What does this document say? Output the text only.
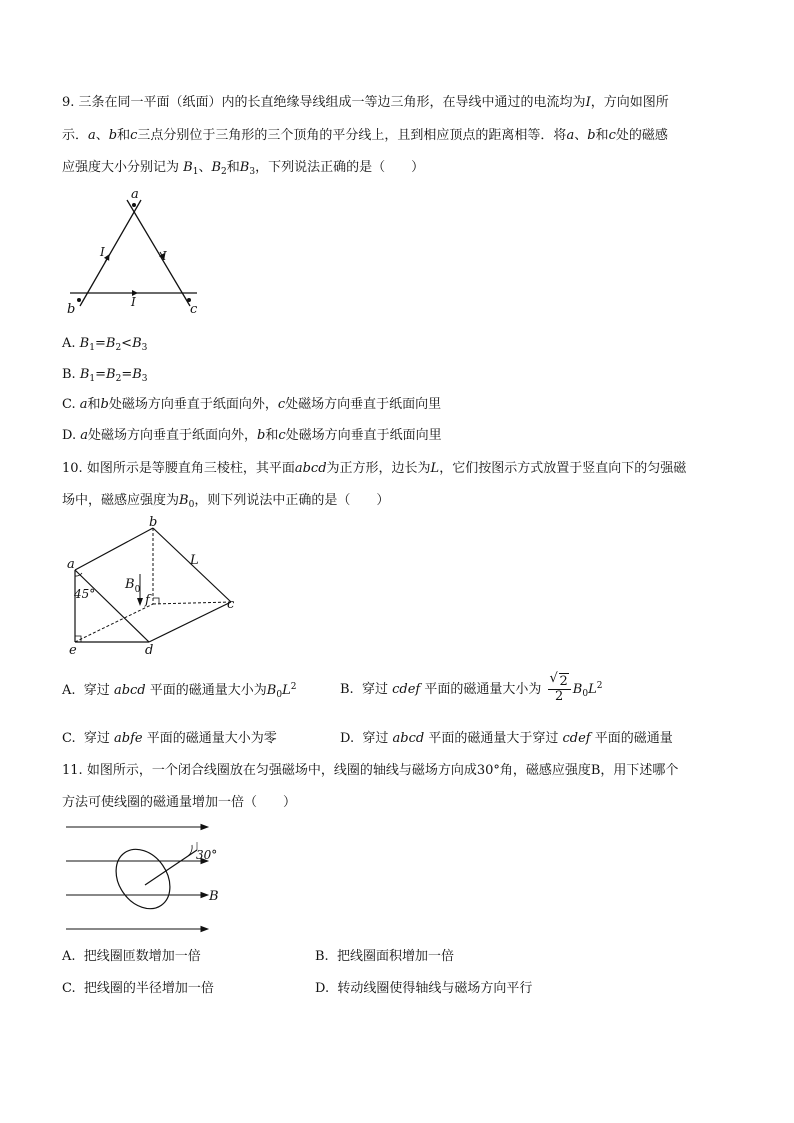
9. 三条在同一平面（纸面）内的长直绝缘导线组成一等边三角形，在导线中通过的电流均为I，方向如图所
示．a、b和c三点分别位于三角形的三个顶角的平分线上，且到相应顶点的距离相等．将a、b和c处的磁感
应强度大小分别记为 $B_1$、$B_2$和$B_3$，下列说法正确的是（　　）
a
b	c
I	I
I
A. $B_1=B_2<B_3$
B. $B_1=B_2=B_3$
C. a和b处磁场方向垂直于纸面向外，c处磁场方向垂直于纸面向里
D. a处磁场方向垂直于纸面向外，b和c处磁场方向垂直于纸面向里
10. 如图所示是等腰直角三棱柱，其平面abcd为正方形，边长为L，它们按图示方式放置于竖直向下的匀强磁
场中，磁感应强度为$B_0$，则下列说法中正确的是（　　）
a
b
c
d
e
f
L
$B_0$
45°
A. 穿过 abcd 平面的磁通量大小为$B_0L^2$	B. 穿过 cdef 平面的磁通量大小为
√ $\frac{2}{2} B_0L^2$
C. 穿过 abfe 平面的磁通量大小为零	D. 穿过 abcd 平面的磁通量大于穿过 cdef 平面的磁通量
11. 如图所示，一个闭合线圈放在匀强磁场中，线圈的轴线与磁场方向成30°角，磁感应强度B，用下述哪个
方法可使线圈的磁通量增加一倍（　　）
30°
B
A. 把线圈匝数增加一倍	B. 把线圈面积增加一倍
C. 把线圈的半径增加一倍	D. 转动线圈使得轴线与磁场方向平行
